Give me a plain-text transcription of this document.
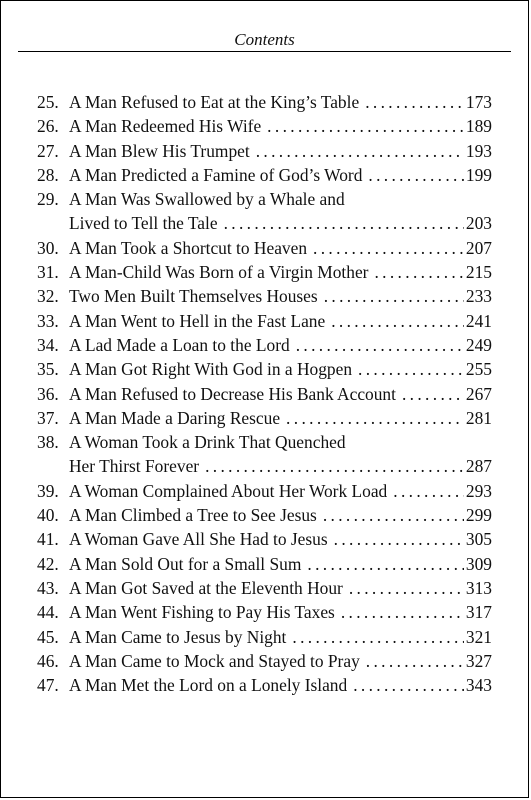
Contents
25. A Man Refused to Eat at the King’s Table . . .	173
26. A Man Redeemed His Wife . . .	189
27. A Man Blew His Trumpet . . .	193
28. A Man Predicted a Famine of God’s Word . . .	199
29. A Man Was Swallowed by a Whale and
Lived to Tell the Tale . . .	203
30. A Man Took a Shortcut to Heaven . . .	207
31. A Man-Child Was Born of a Virgin Mother . . .	215
32. Two Men Built Themselves Houses . . .	233
33. A Man Went to Hell in the Fast Lane . . .	241
34. A Lad Made a Loan to the Lord . . .	249
35. A Man Got Right With God in a Hogpen . . .	255
36. A Man Refused to Decrease His Bank Account . . .	267
37. A Man Made a Daring Rescue . . .	281
38. A Woman Took a Drink That Quenched
Her Thirst Forever . . .	287
39. A Woman Complained About Her Work Load . . .	293
40. A Man Climbed a Tree to See Jesus . . .	299
41. A Woman Gave All She Had to Jesus . . .	305
42. A Man Sold Out for a Small Sum . . .	309
43. A Man Got Saved at the Eleventh Hour . . .	313
44. A Man Went Fishing to Pay His Taxes . . .	317
45. A Man Came to Jesus by Night . . .	321
46. A Man Came to Mock and Stayed to Pray . . .	327
47. A Man Met the Lord on a Lonely Island . . .	343
